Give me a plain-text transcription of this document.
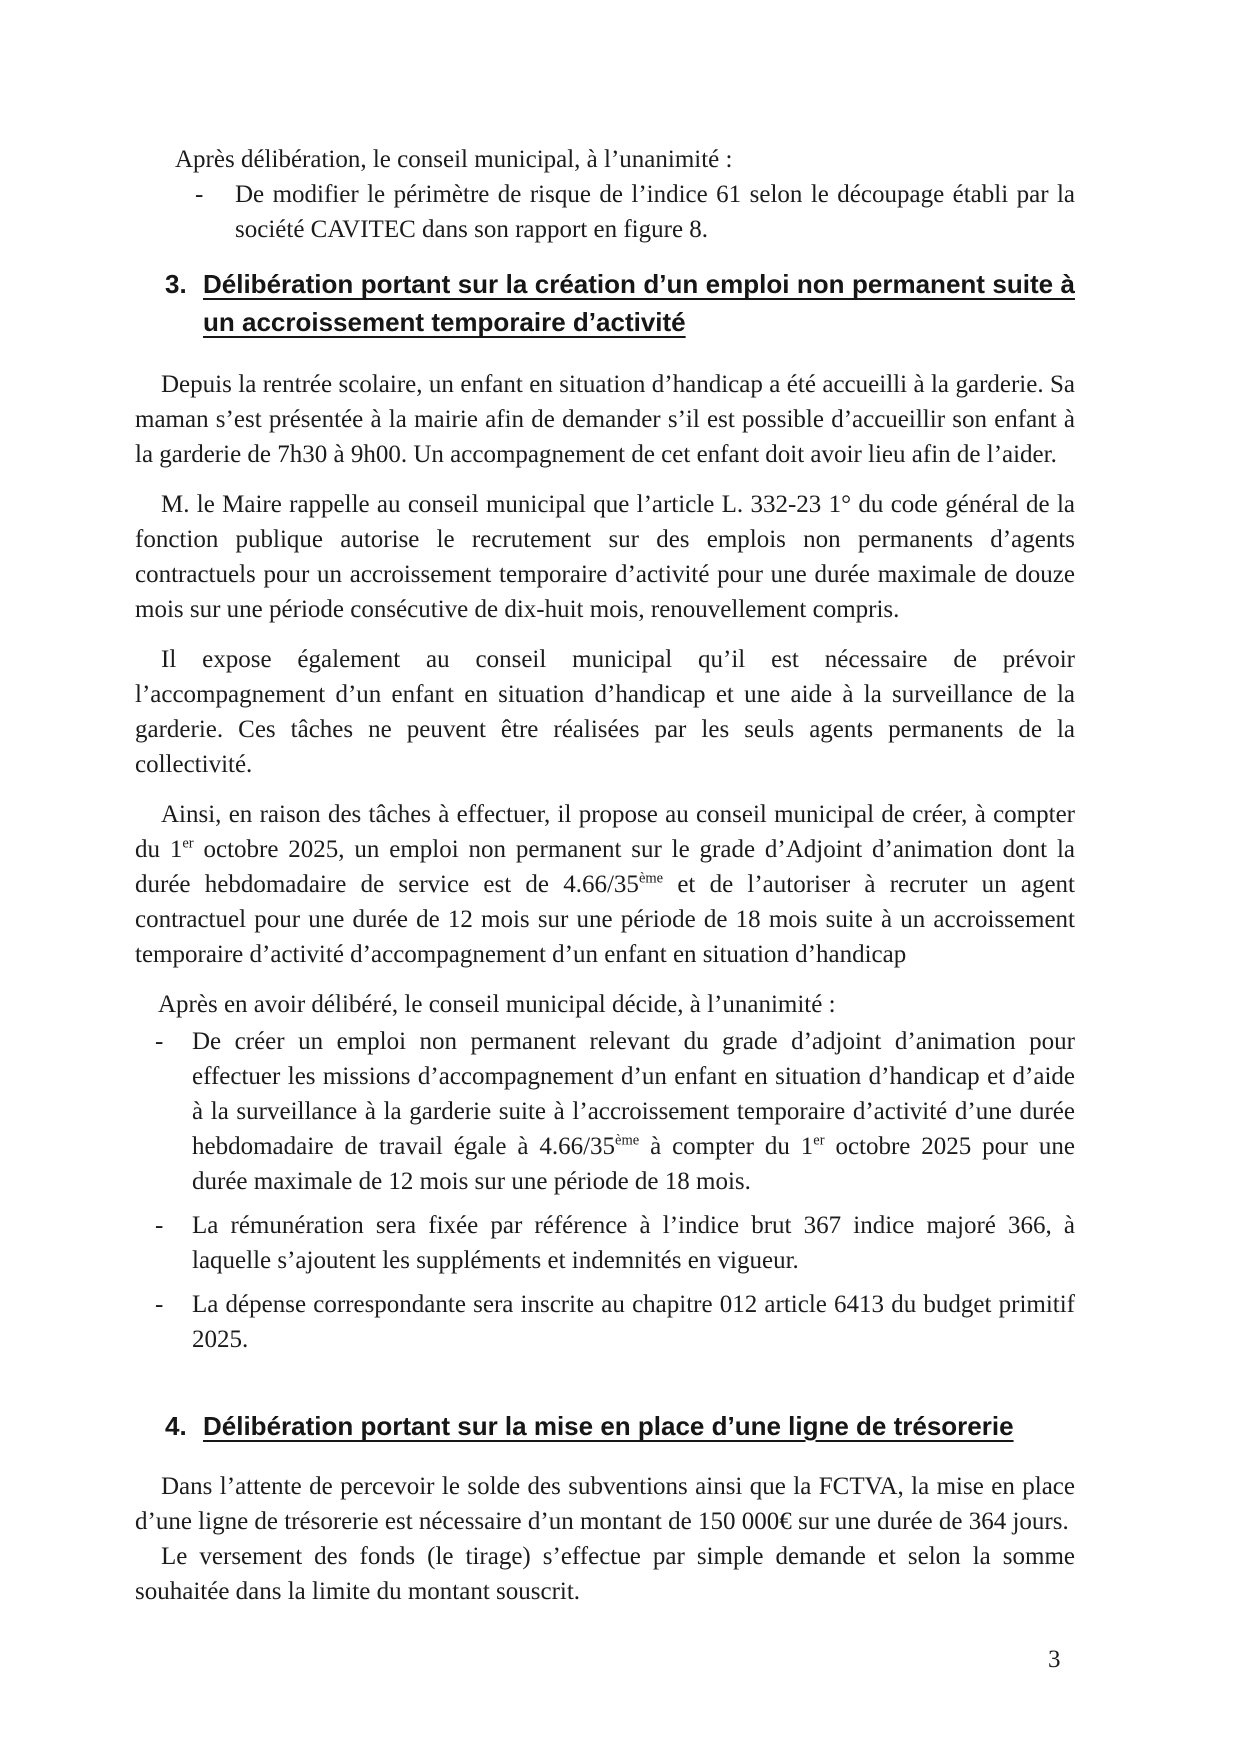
Après délibération, le conseil municipal, à l’unanimité :

-	De modifier le périmètre de risque de l’indice 61 selon le découpage établi par la société CAVITEC dans son rapport en figure 8.
3. Délibération portant sur la création d’un emploi non permanent suite à un accroissement temporaire d’activité

Depuis la rentrée scolaire, un enfant en situation d’handicap a été accueilli à la garderie. Sa maman s’est présentée à la mairie afin de demander s’il est possible d’accueillir son enfant à la garderie de 7h30 à 9h00. Un accompagnement de cet enfant doit avoir lieu afin de l’aider.

M. le Maire rappelle au conseil municipal que l’article L. 332-23 1° du code général de la fonction publique autorise le recrutement sur des emplois non permanents d’agents contractuels pour un accroissement temporaire d’activité pour une durée maximale de douze mois sur une période consécutive de dix-huit mois, renouvellement compris.

Il expose également au conseil municipal qu’il est nécessaire de prévoir l’accompagnement d’un enfant en situation d’handicap et une aide à la surveillance de la garderie. Ces tâches ne peuvent être réalisées par les seuls agents permanents de la collectivité.

Ainsi, en raison des tâches à effectuer, il propose au conseil municipal de créer, à compter du 1er octobre 2025, un emploi non permanent sur le grade d’Adjoint d’animation dont la durée hebdomadaire de service est de 4.66/35ème et de l’autoriser à recruter un agent contractuel pour une durée de 12 mois sur une période de 18 mois suite à un accroissement temporaire d’activité d’accompagnement d’un enfant en situation d’handicap

Après en avoir délibéré, le conseil municipal décide, à l’unanimité :

-	De créer un emploi non permanent relevant du grade d’adjoint d’animation pour effectuer les missions d’accompagnement d’un enfant en situation d’handicap et d’aide à la surveillance à la garderie suite à l’accroissement temporaire d’activité d’une durée hebdomadaire de travail égale à 4.66/35ème à compter du 1er octobre 2025 pour une durée maximale de 12 mois sur une période de 18 mois.
-	La rémunération sera fixée par référence à l’indice brut 367 indice majoré 366, à laquelle s’ajoutent les suppléments et indemnités en vigueur.
-	La dépense correspondante sera inscrite au chapitre 012 article 6413 du budget primitif 2025.
4. Délibération portant sur la mise en place d’une ligne de trésorerie

Dans l’attente de percevoir le solde des subventions ainsi que la FCTVA, la mise en place d’une ligne de trésorerie est nécessaire d’un montant de 150 000€ sur une durée de 364 jours.

Le versement des fonds (le tirage) s’effectue par simple demande et selon la somme souhaitée dans la limite du montant souscrit.

3
